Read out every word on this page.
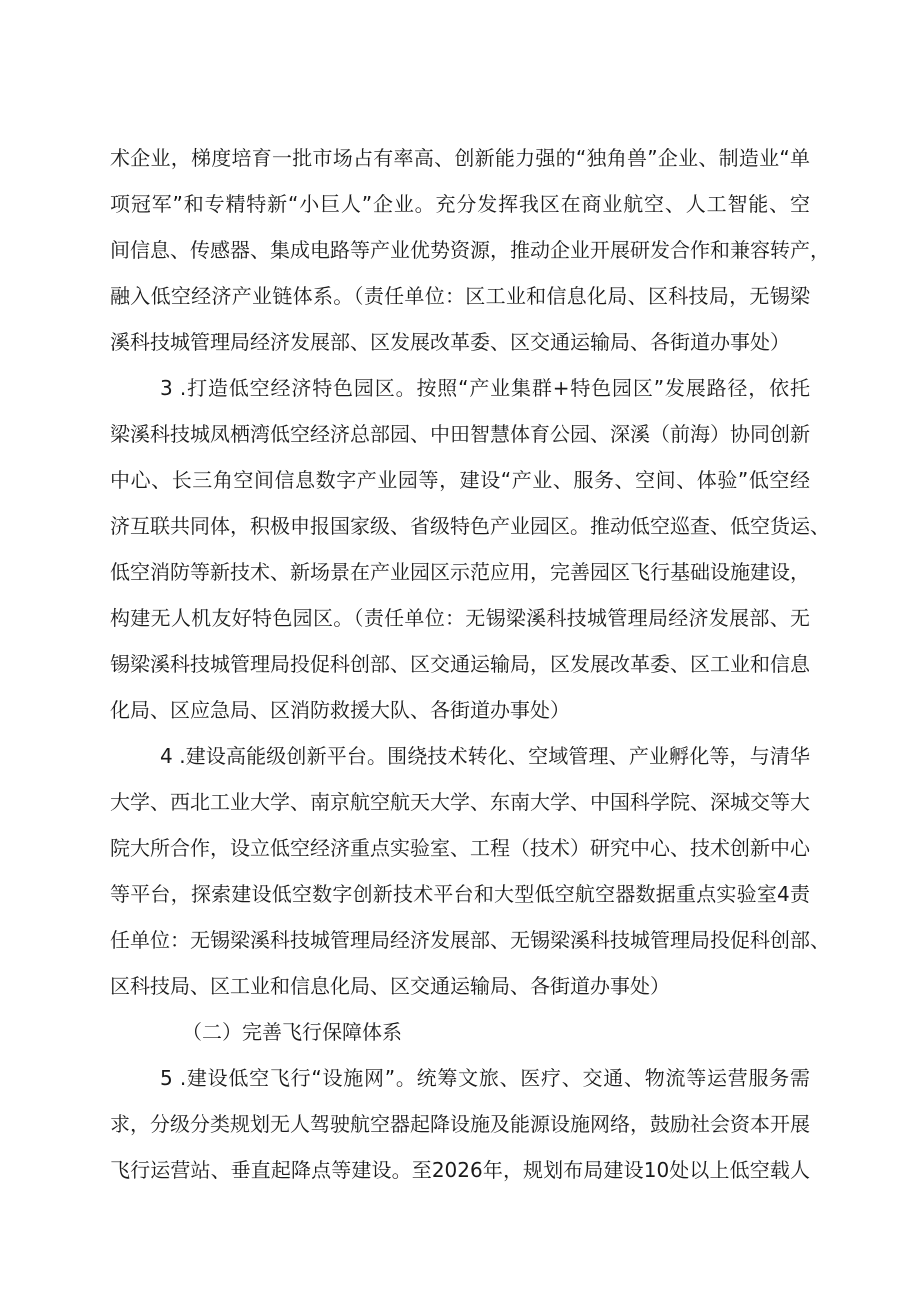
术企业，梯度培育一批市场占有率高、创新能力强的“独角兽”企业、制造业“单
项冠军”和专精特新“小巨人”企业。充分发挥我区在商业航空、人工智能、空
间信息、传感器、集成电路等产业优势资源，推动企业开展研发合作和兼容转产，
融入低空经济产业链体系。（责任单位：区工业和信息化局、区科技局，无锡梁
溪科技城管理局经济发展部、区发展改革委、区交通运输局、各街道办事处）
3 .打造低空经济特色园区。按照“产业集群+特色园区”发展路径，依托
梁溪科技城凤栖湾低空经济总部园、中田智慧体育公园、深溪（前海）协同创新
中心、长三角空间信息数字产业园等，建设“产业、服务、空间、体验”低空经
济互联共同体，积极申报国家级、省级特色产业园区。推动低空巡查、低空货运、
低空消防等新技术、新场景在产业园区示范应用，完善园区飞行基础设施建设，
构建无人机友好特色园区。（责任单位：无锡梁溪科技城管理局经济发展部、无
锡梁溪科技城管理局投促科创部、区交通运输局，区发展改革委、区工业和信息
化局、区应急局、区消防救援大队、各街道办事处）
4 .建设高能级创新平台。围绕技术转化、空域管理、产业孵化等，与清华
大学、西北工业大学、南京航空航天大学、东南大学、中国科学院、深城交等大
院大所合作，设立低空经济重点实验室、工程（技术）研究中心、技术创新中心
等平台，探索建设低空数字创新技术平台和大型低空航空器数据重点实验室4责
任单位：无锡梁溪科技城管理局经济发展部、无锡梁溪科技城管理局投促科创部、
区科技局、区工业和信息化局、区交通运输局、各街道办事处）
（二）完善飞行保障体系
5 .建设低空飞行“设施网”。统筹文旅、医疗、交通、物流等运营服务需
求，分级分类规划无人驾驶航空器起降设施及能源设施网络，鼓励社会资本开展
飞行运营站、垂直起降点等建设。至2026年，规划布局建设10处以上低空载人
